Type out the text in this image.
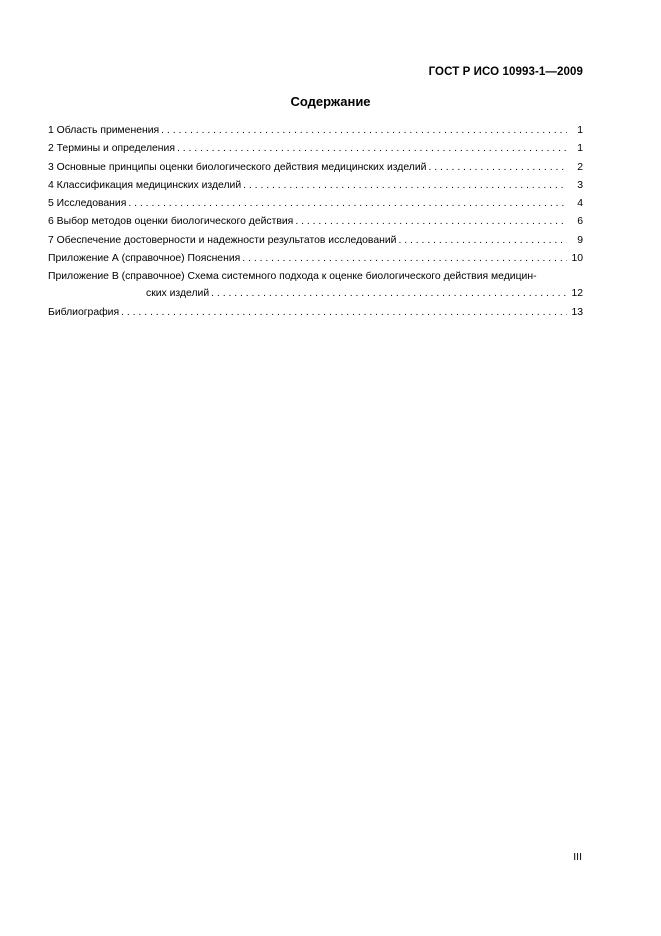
ГОСТ Р ИСО 10993-1—2009
Содержание
1 Область применения . . .	1
2 Термины и определения . . .	1
3 Основные принципы оценки биологического действия медицинских изделий . . .	2
4 Классификация медицинских изделий . . .	3
5 Исследования . . .	4
6 Выбор методов оценки биологического действия . . .	6
7 Обеспечение достоверности и надежности результатов исследований . . .	9
Приложение А (справочное) Пояснения . . .	10
Приложение В (справочное) Схема системного подхода к оценке биологического действия медицин-
ских изделий . . .	12
Библиография . . .	13
III
